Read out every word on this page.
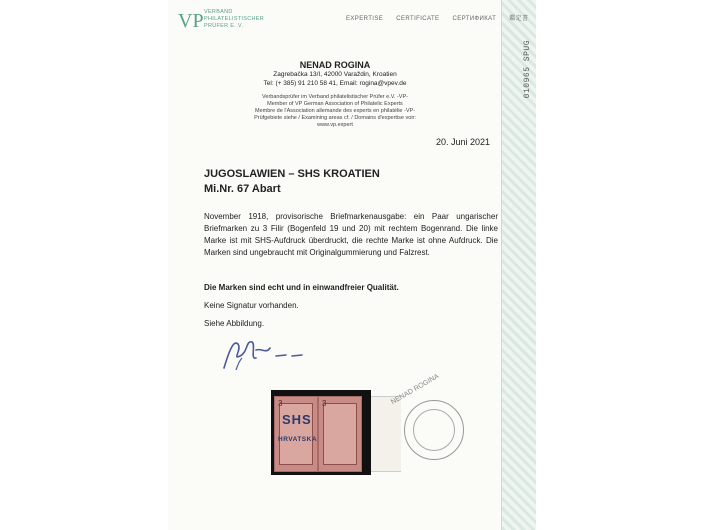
010965 SPUG
VP VERBAND
PHILATELISTISCHER
PRÜFER E. V.
EXPERTISE CERTIFICATE СЕРТИФИКАТ 鑑定書
NENAD ROGINA
Zagrebačka 13/I, 42000 Varaždin, Kroatien
Tel: (+ 385) 91 210 58 41, Email: rogina@vpev.de
Verbandsprüfer im Verband philatelistischer Prüfer e.V. -VP-
Member of VP German Association of Philatelic Experts
Membre de l'Association allemande des experts en philatélie -VP-
Prüfgebiete siehe / Examining areas cf. / Domains d'expertise voir:
www.vp.expert
20. Juni 2021
JUGOSLAWIEN – SHS KROATIEN
Mi.Nr. 67 Abart
November 1918, provisorische Briefmarkenausgabe: ein Paar ungarischer Briefmarken zu 3 Filir (Bogenfeld 19 und 20) mit rechtem Bogenrand. Die linke Marke ist mit SHS-Aufdruck überdruckt, die rechte Marke ist ohne Aufdruck. Die Marken sind ungebraucht mit Originalgummierung und Falzrest.
Die Marken sind echt und in einwandfreier Qualität.
Keine Signatur vorhanden.
Siehe Abbildung.
3	3
SHS
HRVATSKA
NENAD ROGINA
